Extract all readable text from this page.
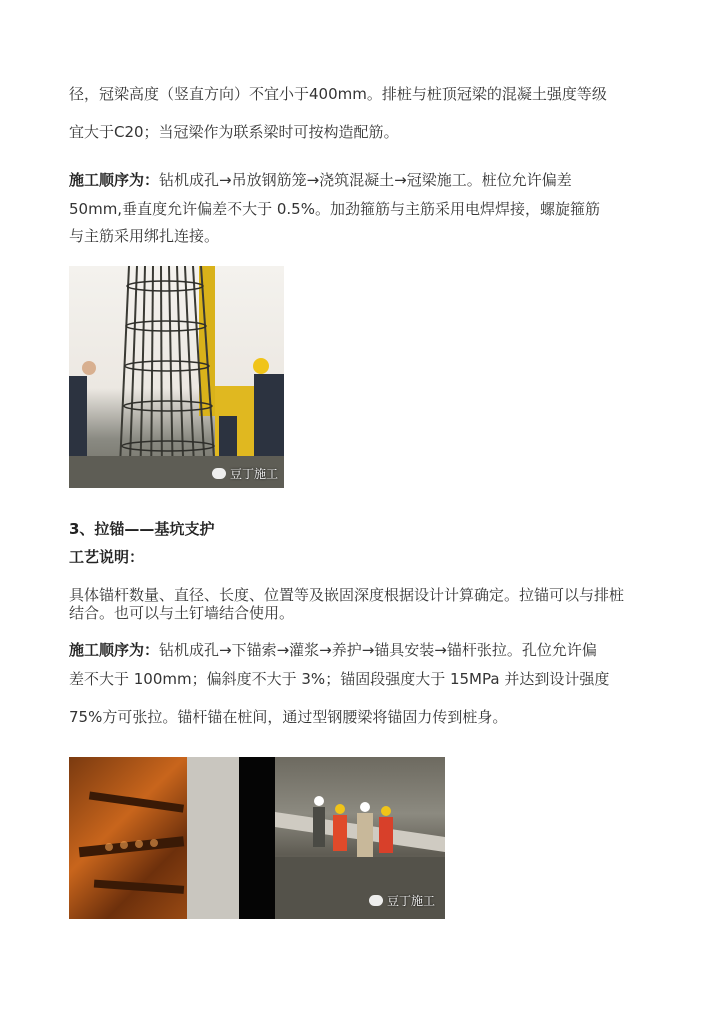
径，冠梁高度（竖直方向）不宜小于400mm。排桩与桩顶冠梁的混凝土强度等级

宜大于C20；当冠梁作为联系梁时可按构造配筋。

施工顺序为：钻机成孔→吊放钢筋笼→浇筑混凝土→冠梁施工。桩位允许偏差

50mm,垂直度允许偏差不大于 0.5%。加劲箍筋与主筋采用电焊焊接，螺旋箍筋

与主筋采用绑扎连接。

豆丁施工

3、拉锚——基坑支护

工艺说明：

具体锚杆数量、直径、长度、位置等及嵌固深度根据设计计算确定。拉锚可以与排桩

结合。也可以与土钉墙结合使用。

施工顺序为：钻机成孔→下锚索→灌浆→养护→锚具安装→锚杆张拉。孔位允许偏

差不大于 100mm；偏斜度不大于 3%；锚固段强度大于 15MPa 并达到设计强度

75%方可张拉。锚杆锚在桩间，通过型钢腰梁将锚固力传到桩身。

豆丁施工
